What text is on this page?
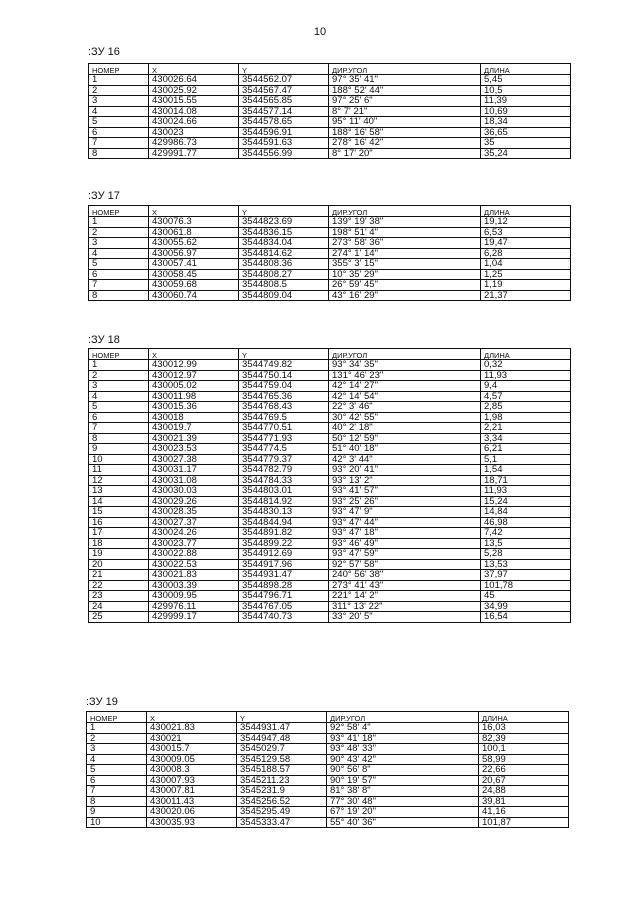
10
:ЗУ 16
НОМЕР	X	Y	ДИР.УГОЛ	ДЛИНА
1	430026.64	3544562.07	97° 35' 41"	5,45
2	430025.92	3544567.47	188° 52' 44"	10,5
3	430015.55	3544565.85	97° 25' 6"	11,39
4	430014.08	3544577.14	8° 7' 21"	10,69
5	430024.66	3544578.65	95° 11' 40"	18,34
6	430023	3544596.91	188° 16' 58"	36,65
7	429986.73	3544591.63	278° 16' 42"	35
8	429991.77	3544556.99	8° 17' 20"	35,24
:ЗУ 17
НОМЕР	X	Y	ДИР.УГОЛ	ДЛИНА
1	430076.3	3544823.69	139° 19' 38"	19,12
2	430061.8	3544836.15	198° 51' 4"	6,53
3	430055.62	3544834.04	273° 58' 36"	19,47
4	430056.97	3544814.62	274° 1' 14"	6,28
5	430057.41	3544808.36	355° 3' 15"	1,04
6	430058.45	3544808.27	10° 35' 29"	1,25
7	430059.68	3544808.5	26° 59' 45"	1,19
8	430060.74	3544809.04	43° 16' 29"	21,37
:ЗУ 18
НОМЕР	X	Y	ДИР.УГОЛ	ДЛИНА
1	430012.99	3544749.82	93° 34' 35"	0,32
2	430012.97	3544750.14	131° 46' 23"	11,93
3	430005.02	3544759.04	42° 14' 27"	9,4
4	430011.98	3544765.36	42° 14' 54"	4,57
5	430015.36	3544768.43	22° 3' 46"	2,85
6	430018	3544769.5	30° 42' 55"	1,98
7	430019.7	3544770.51	40° 2' 18"	2,21
8	430021.39	3544771.93	50° 12' 59"	3,34
9	430023.53	3544774.5	51° 40' 18"	6,21
10	430027.38	3544779.37	42° 3' 44"	5,1
11	430031.17	3544782.79	93° 20' 41"	1,54
12	430031.08	3544784.33	93° 13' 2"	18,71
13	430030.03	3544803.01	93° 41' 57"	11,93
14	430029.26	3544814.92	93° 25' 26"	15,24
15	430028.35	3544830.13	93° 47' 9"	14,84
16	430027.37	3544844.94	93° 47' 44"	46,98
17	430024.26	3544891.82	93° 47' 18"	7,42
18	430023.77	3544899.22	93° 46' 49"	13,5
19	430022.88	3544912.69	93° 47' 59"	5,28
20	430022.53	3544917.96	92° 57' 58"	13,53
21	430021.83	3544931.47	240° 56' 38"	37,97
22	430003.39	3544898.28	273° 41' 43"	101,78
23	430009.95	3544796.71	221° 14' 2"	45
24	429976.11	3544767.05	311° 13' 22"	34,99
25	429999.17	3544740.73	33° 20' 5"	16,54
:ЗУ 19
НОМЕР	X	Y	ДИР.УГОЛ	ДЛИНА
1	430021.83	3544931.47	92° 58' 4"	16,03
2	430021	3544947.48	93° 41' 18"	82,39
3	430015.7	3545029.7	93° 48' 33"	100,1
4	430009.05	3545129.58	90° 43' 42"	58,99
5	430008.3	3545188.57	90° 56' 8"	22,66
6	430007.93	3545211.23	90° 19' 57"	20,67
7	430007.81	3545231.9	81° 38' 8"	24,88
8	430011.43	3545256.52	77° 30' 48"	39,81
9	430020.06	3545295.49	67° 19' 20"	41,16
10	430035.93	3545333.47	55° 40' 36"	101,87
